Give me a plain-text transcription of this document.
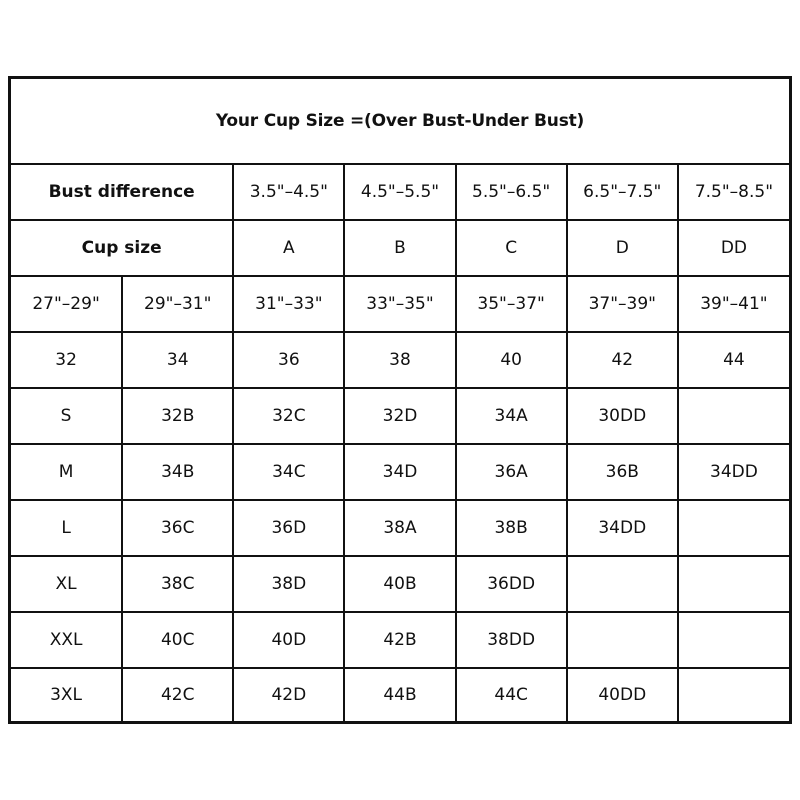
Your Cup Size =(Over Bust-Under Bust)						
Bust difference		3.5"–4.5"	4.5"–5.5"	5.5"–6.5"	6.5"–7.5"	7.5"–8.5"
Cup size		A	B	C	D	DD
27"–29"	29"–31"	31"–33"	33"–35"	35"–37"	37"–39"	39"–41"
32	34	36	38	40	42	44
S	32B	32C	32D	34A	30DD	
M	34B	34C	34D	36A	36B	34DD
L	36C	36D	38A	38B	34DD	
XL	38C	38D	40B	36DD		
XXL	40C	40D	42B	38DD		
3XL	42C	42D	44B	44C	40DD	
